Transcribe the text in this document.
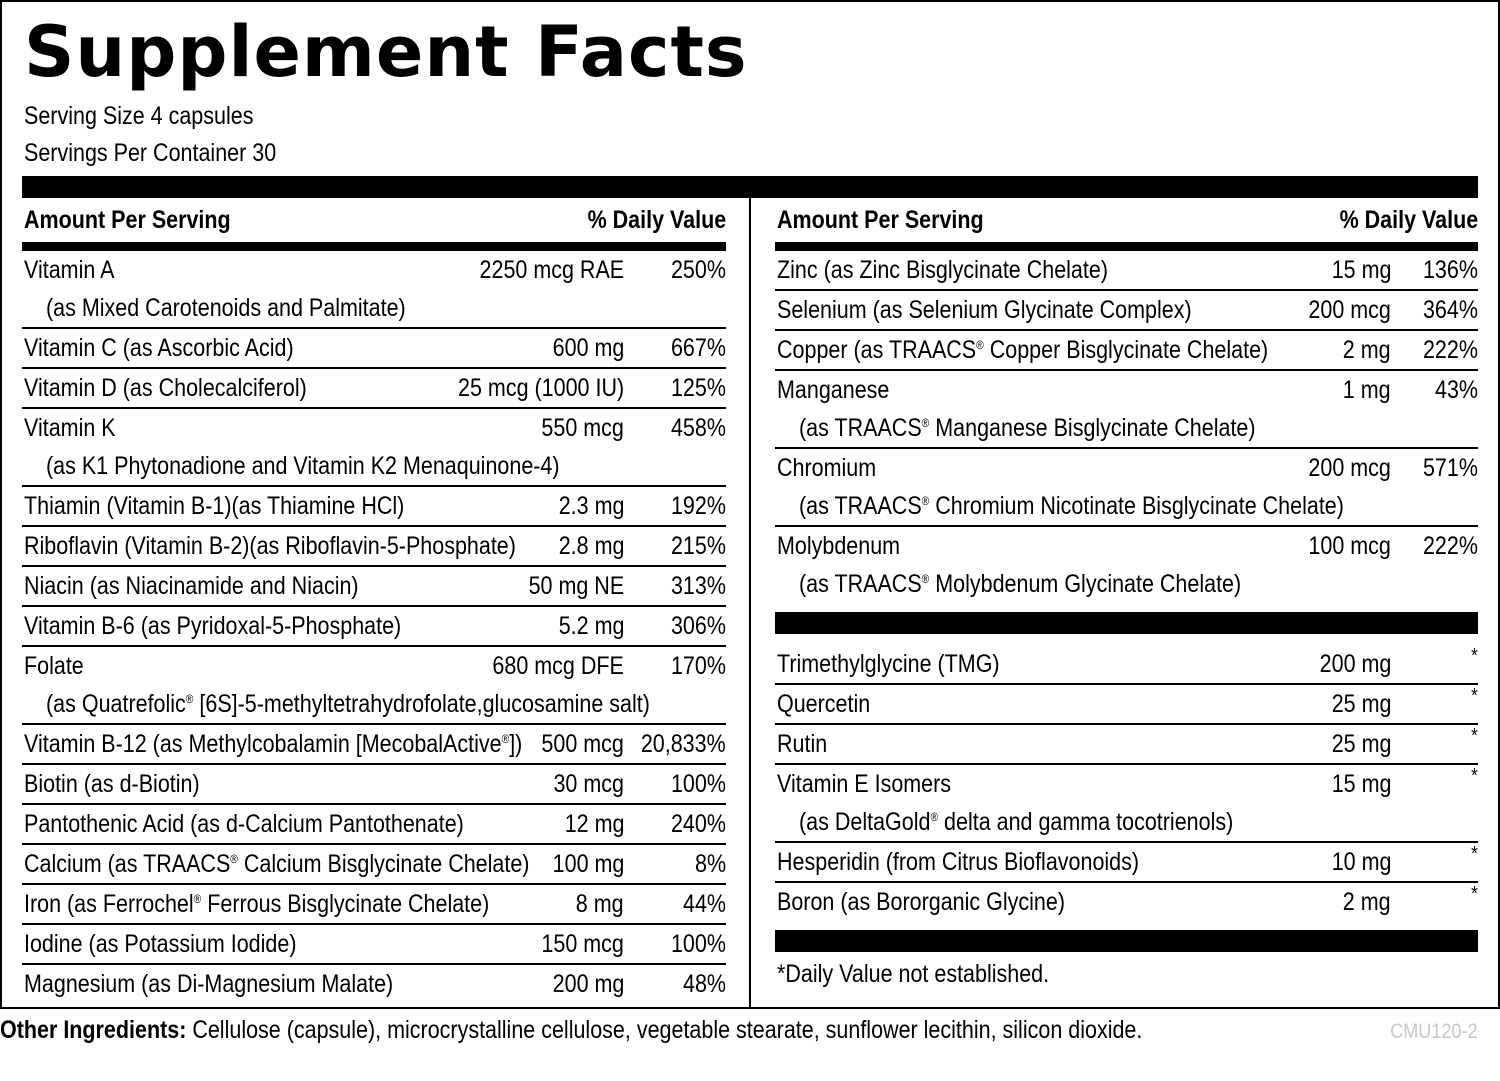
Supplement Facts
Serving Size 4 capsules
Servings Per Container 30
Amount Per Serving	% Daily Value
Vitamin A	2250 mcg RAE 250%
(as Mixed Carotenoids and Palmitate)
Vitamin C (as Ascorbic Acid)	600 mg 667%
Vitamin D (as Cholecalciferol)	25 mcg (1000 IU) 125%
Vitamin K	550 mcg 458%
(as K1 Phytonadione and Vitamin K2 Menaquinone-4)
Thiamin (Vitamin B-1)(as Thiamine HCl)	2.3 mg 192%
Riboflavin (Vitamin B-2)(as Riboflavin-5-Phosphate) 2.8 mg 215%
Niacin (as Niacinamide and Niacin)	50 mg NE 313%
Vitamin B-6 (as Pyridoxal-5-Phosphate)	5.2 mg 306%
Folate	680 mcg DFE 170%
(as Quatrefolic® [6S]-5-methyltetrahydrofolate,glucosamine salt)
Vitamin B-12 (as Methylcobalamin [MecobalActive®]) 500 mcg 20,833%
Biotin (as d-Biotin)	30 mcg 100%
Pantothenic Acid (as d-Calcium Pantothenate)	12 mg 240%
Calcium (as TRAACS® Calcium Bisglycinate Chelate) 100 mg	8%
Iron (as Ferrochel® Ferrous Bisglycinate Chelate)	8 mg 44%
Iodine (as Potassium Iodide)	150 mcg 100%
Magnesium (as Di-Magnesium Malate)	200 mg 48%
Amount Per Serving	% Daily Value
Zinc (as Zinc Bisglycinate Chelate)	15 mg 136%
Selenium (as Selenium Glycinate Complex)	200 mcg 364%
Copper (as TRAACS® Copper Bisglycinate Chelate)	2 mg 222%
Manganese	1 mg 43%
(as TRAACS® Manganese Bisglycinate Chelate)
Chromium	200 mcg 571%
(as TRAACS® Chromium Nicotinate Bisglycinate Chelate)
Molybdenum	100 mcg 222%
(as TRAACS® Molybdenum Glycinate Chelate)
Trimethylglycine (TMG)	200 mg	*
Quercetin	25 mg	*
Rutin	25 mg	*
Vitamin E Isomers	15 mg	*
(as DeltaGold® delta and gamma tocotrienols)
Hesperidin (from Citrus Bioflavonoids)	10 mg	*
Boron (as Bororganic Glycine)	2 mg	*
*Daily Value not established.
Other Ingredients: Cellulose (capsule), microcrystalline cellulose, vegetable stearate, sunflower lecithin, silicon dioxide.	CMU120-2
